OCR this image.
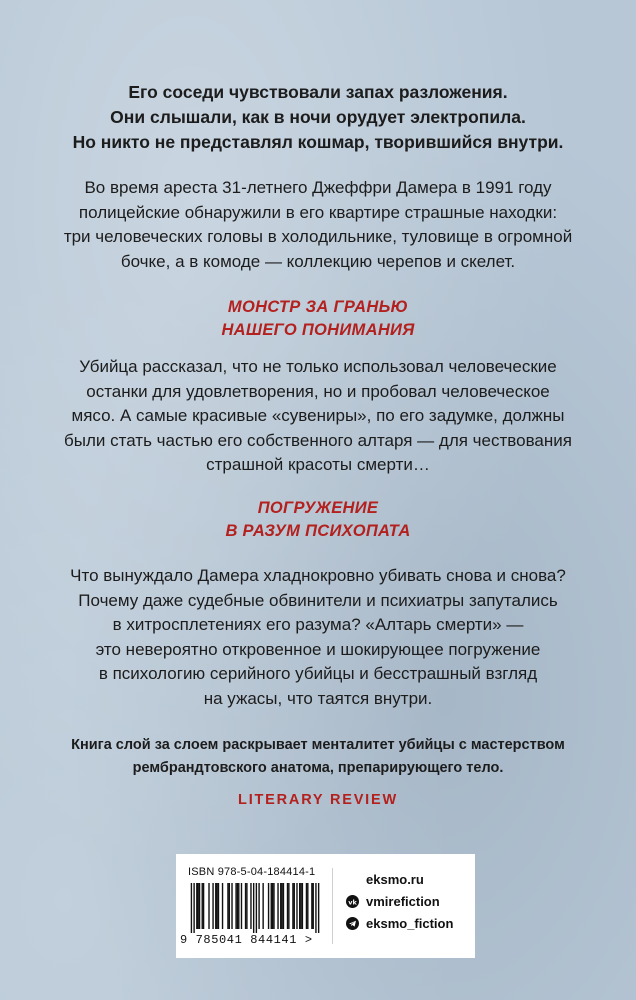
Его соседи чувствовали запах разложения.
Они слышали, как в ночи орудует электропила.
Но никто не представлял кошмар, творившийся внутри.
Во время ареста 31-летнего Джеффри Дамера в 1991 году
полицейские обнаружили в его квартире страшные находки:
три человеческих головы в холодильнике, туловище в огромной
бочке, а в комоде — коллекцию черепов и скелет.
МОНСТР ЗА ГРАНЬЮ
НАШЕГО ПОНИМАНИЯ
Убийца рассказал, что не только использовал человеческие
останки для удовлетворения, но и пробовал человеческое
мясо. А самые красивые «сувениры», по его задумке, должны
были стать частью его собственного алтаря — для чествования
страшной красоты смерти…
ПОГРУЖЕНИЕ
В РАЗУМ ПСИХОПАТА
Что вынуждало Дамера хладнокровно убивать снова и снова?
Почему даже судебные обвинители и психиатры запутались
в хитросплетениях его разума? «Алтарь смерти» —
это невероятно откровенное и шокирующее погружение
в психологию серийного убийцы и бесстрашный взгляд
на ужасы, что таятся внутри.
Книга слой за слоем раскрывает менталитет убийцы с мастерством
рембрандтовского анатома, препарирующего тело.
LITERARY REVIEW
ISBN 978-5-04-184414-1
9 785041 844141 >
eksmo.ru
vk vmirefiction
eksmo_fiction
